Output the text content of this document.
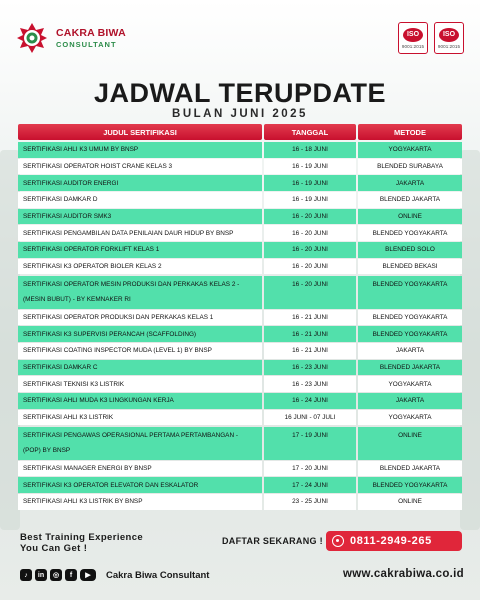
CAKRA BIWA
CONSULTANT
ISO
9001:2015
ISO
9001:2015
JADWAL TERUPDATE
BULAN JUNI 2025
JUDUL SERTIFIKASI	TANGGAL	METODE
SERTIFIKASI AHLI K3 UMUM BY BNSP	16 - 18 JUNI	YOGYAKARTA
SERTIFIKASI OPERATOR HOIST CRANE KELAS 3	16 - 19 JUNI	BLENDED SURABAYA
SERTIFIKASI AUDITOR ENERGI	16 - 19 JUNI	JAKARTA
SERTIFIKASI DAMKAR D	16 - 19 JUNI	BLENDED JAKARTA
SERTIFIKASI AUDITOR SMK3	16 - 20 JUNI	ONLINE
SERTIFIKASI PENGAMBILAN DATA PENILAIAN DAUR HIDUP BY BNSP	16 - 20 JUNI	BLENDED YOGYAKARTA
SERTIFIKASI OPERATOR FORKLIFT KELAS 1	16 - 20 JUNI	BLENDED SOLO
SERTIFIKASI K3 OPERATOR BIOLER KELAS 2	16 - 20 JUNI	BLENDED BEKASI
SERTIFIKASI OPERATOR MESIN PRODUKSI DAN PERKAKAS KELAS 2 -
(MESIN BUBUT) - BY KEMNAKER RI
16 - 20 JUNI	BLENDED YOGYAKARTA
SERTIFIKASI OPERATOR PRODUKSI DAN PERKAKAS KELAS 1	16 - 21 JUNI	BLENDED YOGYAKARTA
SERTIFIKASI K3 SUPERVISI PERANCAH (SCAFFOLDING)	16 - 21 JUNI	BLENDED YOGYAKARTA
SERTIFIKASI COATING INSPECTOR MUDA (LEVEL 1) BY BNSP	16 - 21 JUNI	JAKARTA
SERTIFIKASI DAMKAR C	16 - 23 JUNI	BLENDED JAKARTA
SERTIFIKASI TEKNISI K3 LISTRIK	16 - 23 JUNI	YOGYAKARTA
SERTIFIKASI AHLI MUDA K3 LINGKUNGAN KERJA	16 - 24 JUNI	JAKARTA
SERTIFIKASI AHLI K3 LISTRIK	16 JUNI - 07 JULI	YOGYAKARTA
SERTIFIKASI PENGAWAS OPERASIONAL PERTAMA PERTAMBANGAN -
(POP) BY BNSP
17 - 19 JUNI	ONLINE
SERTIFIKASI MANAGER ENERGI BY BNSP	17 - 20 JUNI	BLENDED JAKARTA
SERTIFIKASI K3 OPERATOR ELEVATOR DAN ESKALATOR	17 - 24 JUNI	BLENDED YOGYAKARTA
SERTIFIKASI AHLI K3 LISTRIK BY BNSP	23 - 25 JUNI	ONLINE
Best Training Experience
You Can Get !
DAFTAR SEKARANG ! 0811-2949-265
♪	in	◎	f	▶	Cakra Biwa Consultant	www.cakrabiwa.co.id
